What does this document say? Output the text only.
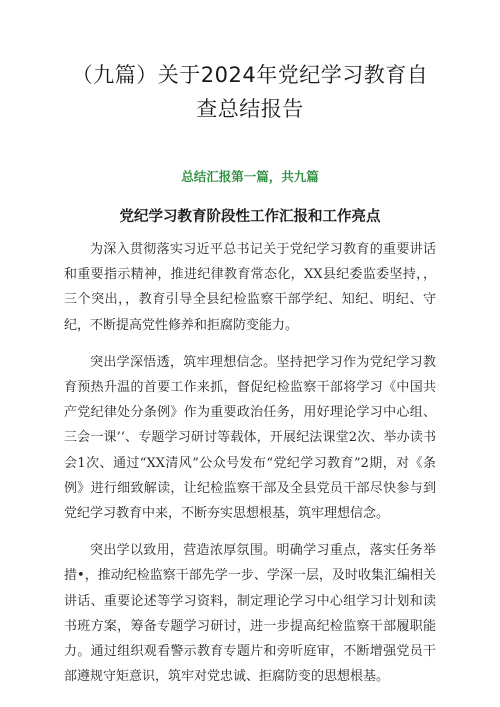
（九篇）关于2024年党纪学习教育自查总结报告
总结汇报第一篇，共九篇
党纪学习教育阶段性工作汇报和工作亮点

为深入贯彻落实习近平总书记关于党纪学习教育的重要讲话和重要指示精神，推进纪律教育常态化，XX县纪委监委坚持，，三个突出，，教育引导全县纪检监察干部学纪、知纪、明纪、守纪，不断提高党性修养和拒腐防变能力。

突出学深悟透，筑牢理想信念。坚持把学习作为党纪学习教育预热升温的首要工作来抓，督促纪检监察干部将学习《中国共产党纪律处分条例》作为重要政治任务，用好理论学习中心组、三会一课’‘、专题学习研讨等载体，开展纪法课堂2次、举办读书会1次、通过“XX清风”公众号发布“党纪学习教育”2期，对《条例》进行细致解读，让纪检监察干部及全县党员干部尽快参与到党纪学习教育中来，不断夯实思想根基，筑牢理想信念。

突出学以致用，营造浓厚氛围。明确学习重点，落实任务举措•，推动纪检监察干部先学一步、学深一层，及时收集汇编相关讲话、重要论述等学习资料，制定理论学习中心组学习计划和读书班方案，筹备专题学习研讨，进一步提高纪检监察干部履职能力。通过组织观看警示教育专题片和旁听庭审，不断增强党员干部遵规守矩意识，筑牢对党忠诚、拒腐防变的思想根基。
